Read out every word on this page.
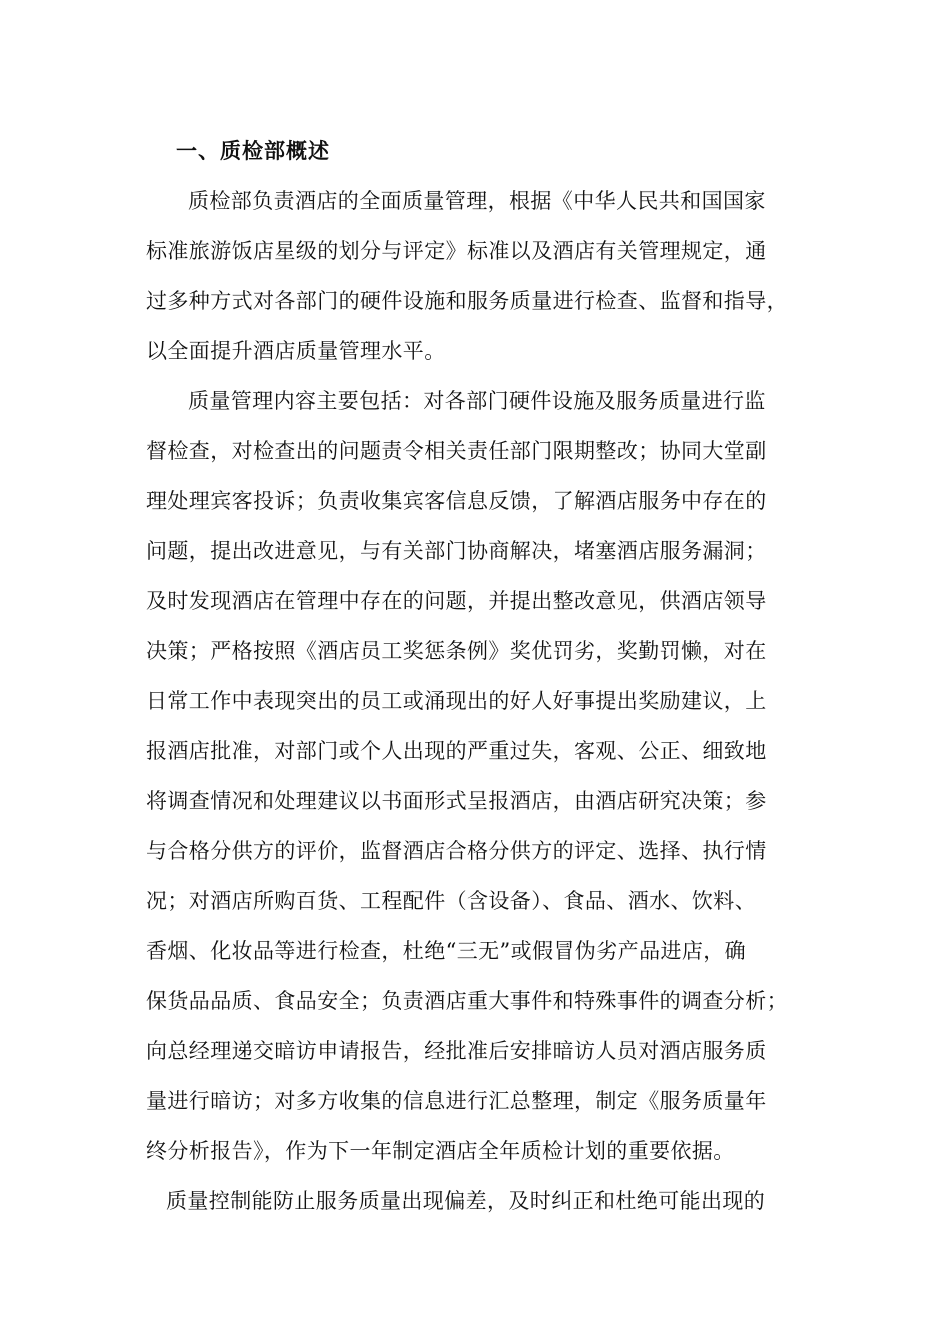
一、质检部概述
质检部负责酒店的全面质量管理，根据《中华人民共和国国家
标准旅游饭店星级的划分与评定》标准以及酒店有关管理规定，通
过多种方式对各部门的硬件设施和服务质量进行检查、监督和指导，
以全面提升酒店质量管理水平。
质量管理内容主要包括：对各部门硬件设施及服务质量进行监
督检查，对检查出的问题责令相关责任部门限期整改；协同大堂副
理处理宾客投诉；负责收集宾客信息反馈，了解酒店服务中存在的
问题，提出改进意见，与有关部门协商解决，堵塞酒店服务漏洞；
及时发现酒店在管理中存在的问题，并提出整改意见，供酒店领导
决策；严格按照《酒店员工奖惩条例》奖优罚劣，奖勤罚懒，对在
日常工作中表现突出的员工或涌现出的好人好事提出奖励建议，上
报酒店批准，对部门或个人出现的严重过失，客观、公正、细致地
将调查情况和处理建议以书面形式呈报酒店，由酒店研究决策；参
与合格分供方的评价，监督酒店合格分供方的评定、选择、执行情
况；对酒店所购百货、工程配件（含设备）、食品、酒水、饮料、
香烟、化妆品等进行检查，杜绝“三无”或假冒伪劣产品进店，确
保货品品质、食品安全；负责酒店重大事件和特殊事件的调查分析；
向总经理递交暗访申请报告，经批准后安排暗访人员对酒店服务质
量进行暗访；对多方收集的信息进行汇总整理，制定《服务质量年
终分析报告》，作为下一年制定酒店全年质检计划的重要依据。
质量控制能防止服务质量出现偏差，及时纠正和杜绝可能出现的
